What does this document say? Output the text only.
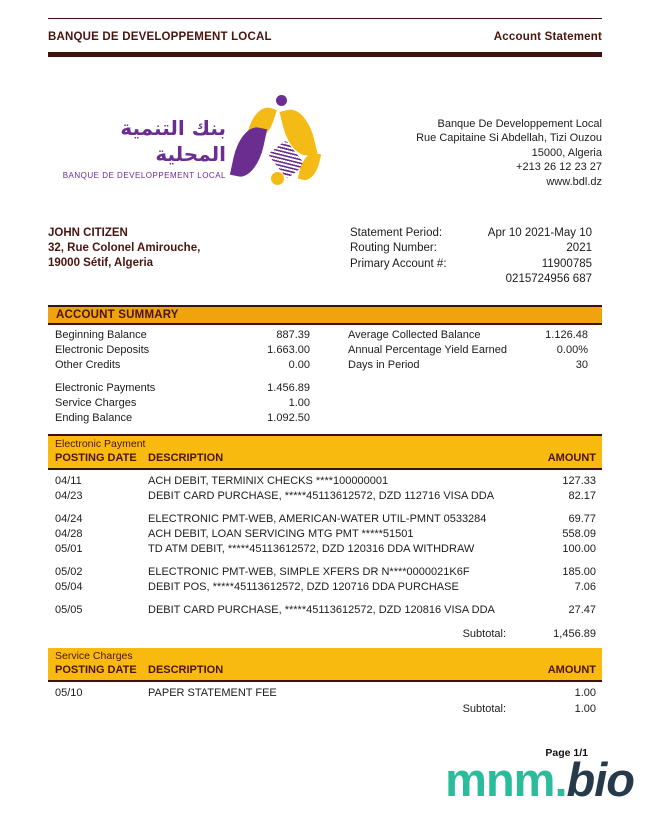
BANQUE DE DEVELOPPEMENT LOCAL	Account Statement
بنك التنمية المحلية
BANQUE DE DEVELOPPEMENT LOCAL
Banque De Developpement Local
Rue Capitaine Si Abdellah, Tizi Ouzou
15000, Algeria
+213 26 12 23 27
www.bdl.dz
JOHN CITIZEN
32, Rue Colonel Amirouche,
19000 Sétif, Algeria
Statement Period:	Apr 10 2021-May 10
Routing Number:	2021
Primary Account #:	11900785

0215724956 687
ACCOUNT SUMMARY
Beginning Balance	887.39
Electronic Deposits	1.663.00
Other Credits	0.00
Electronic Payments	1.456.89
Service Charges	1.00
Ending Balance	1.092.50
Average Collected Balance	1.126.48
Annual Percentage Yield Earned	0.00%
Days in Period	30
Electronic Payment
POSTING DATE	DESCRIPTION	AMOUNT
04/11	ACH DEBIT, TERMINIX CHECKS ****100000001	127.33
04/23	DEBIT CARD PURCHASE, *****45113612572, DZD 112716 VISA DDA	82.17
04/24	ELECTRONIC PMT-WEB, AMERICAN-WATER UTIL-PMNT 0533284	69.77
04/28	ACH DEBIT, LOAN SERVICING MTG PMT *****51501	558.09
05/01	TD ATM DEBIT, *****45113612572, DZD 120316 DDA WITHDRAW	100.00
05/02	ELECTRONIC PMT-WEB, SIMPLE XFERS DR N****0000021K6F	185.00
05/04	DEBIT POS, *****45113612572, DZD 120716 DDA PURCHASE	7.06
05/05	DEBIT CARD PURCHASE, *****45113612572, DZD 120816 VISA DDA	27.47
Subtotal:	1,456.89
Service Charges
POSTING DATE	DESCRIPTION	AMOUNT
05/10	PAPER STATEMENT FEE	1.00
Subtotal:	1.00
Page 1/1
mnm.bio
